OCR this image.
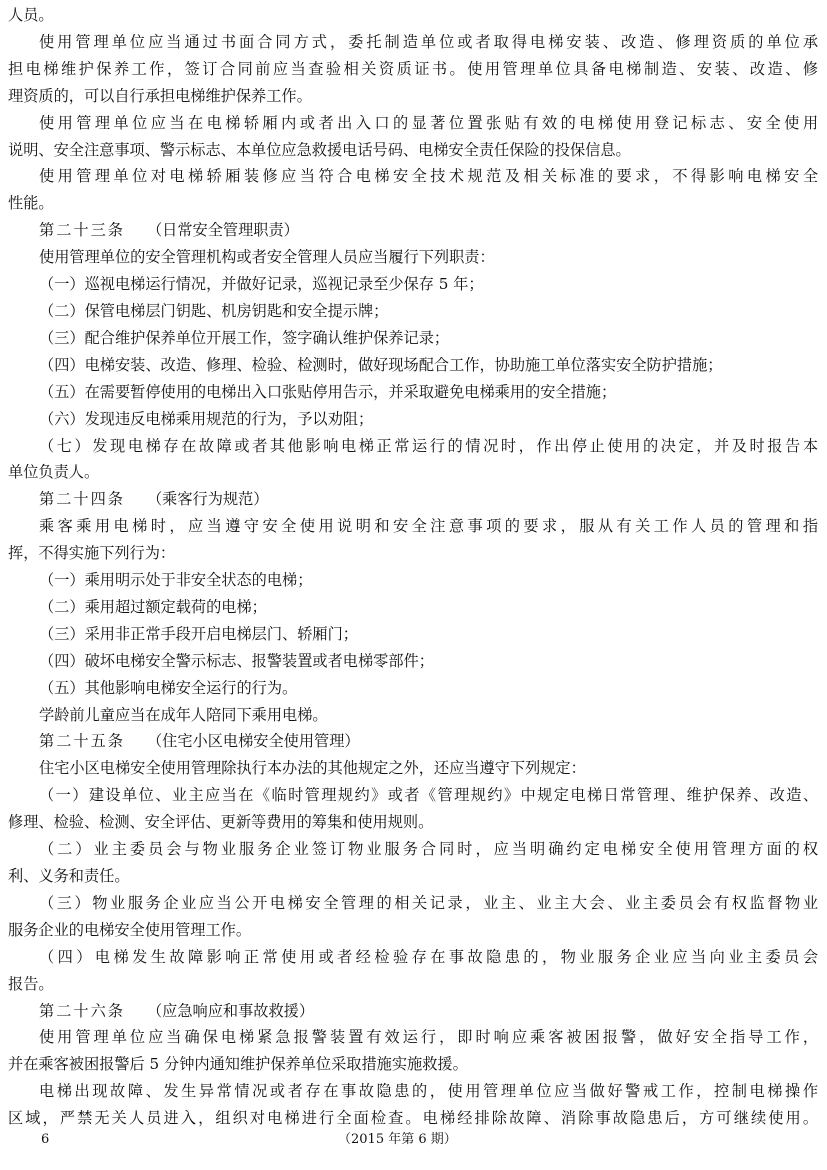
人员。
使用管理单位应当通过书面合同方式，委托制造单位或者取得电梯安装、改造、修理资质的单位承
担电梯维护保养工作，签订合同前应当查验相关资质证书。使用管理单位具备电梯制造、安装、改造、修
理资质的，可以自行承担电梯维护保养工作。
使用管理单位应当在电梯轿厢内或者出入口的显著位置张贴有效的电梯使用登记标志、安全使用
说明、安全注意事项、警示标志、本单位应急救援电话号码、电梯安全责任保险的投保信息。
使用管理单位对电梯轿厢装修应当符合电梯安全技术规范及相关标准的要求，不得影响电梯安全
性能。
第二十三条 （日常安全管理职责）
使用管理单位的安全管理机构或者安全管理人员应当履行下列职责：
（一）巡视电梯运行情况，并做好记录，巡视记录至少保存 5 年；
（二）保管电梯层门钥匙、机房钥匙和安全提示牌；
（三）配合维护保养单位开展工作，签字确认维护保养记录；
（四）电梯安装、改造、修理、检验、检测时，做好现场配合工作，协助施工单位落实安全防护措施；
（五）在需要暂停使用的电梯出入口张贴停用告示，并采取避免电梯乘用的安全措施；
（六）发现违反电梯乘用规范的行为，予以劝阻；
（七）发现电梯存在故障或者其他影响电梯正常运行的情况时，作出停止使用的决定，并及时报告本
单位负责人。
第二十四条 （乘客行为规范）
乘客乘用电梯时，应当遵守安全使用说明和安全注意事项的要求，服从有关工作人员的管理和指
挥，不得实施下列行为：
（一）乘用明示处于非安全状态的电梯；
（二）乘用超过额定载荷的电梯；
（三）采用非正常手段开启电梯层门、轿厢门；
（四）破坏电梯安全警示标志、报警装置或者电梯零部件；
（五）其他影响电梯安全运行的行为。
学龄前儿童应当在成年人陪同下乘用电梯。
第二十五条 （住宅小区电梯安全使用管理）
住宅小区电梯安全使用管理除执行本办法的其他规定之外，还应当遵守下列规定：
（一）建设单位、业主应当在《临时管理规约》或者《管理规约》中规定电梯日常管理、维护保养、改造、
修理、检验、检测、安全评估、更新等费用的筹集和使用规则。
（二）业主委员会与物业服务企业签订物业服务合同时，应当明确约定电梯安全使用管理方面的权
利、义务和责任。
（三）物业服务企业应当公开电梯安全管理的相关记录，业主、业主大会、业主委员会有权监督物业
服务企业的电梯安全使用管理工作。
（四）电梯发生故障影响正常使用或者经检验存在事故隐患的，物业服务企业应当向业主委员会
报告。
第二十六条 （应急响应和事故救援）
使用管理单位应当确保电梯紧急报警装置有效运行，即时响应乘客被困报警，做好安全指导工作，
并在乘客被困报警后 5 分钟内通知维护保养单位采取措施实施救援。
电梯出现故障、发生异常情况或者存在事故隐患的，使用管理单位应当做好警戒工作，控制电梯操作
区域，严禁无关人员进入，组织对电梯进行全面检查。电梯经排除故障、消除事故隐患后，方可继续使用。
6	（2015 年第 6 期）
